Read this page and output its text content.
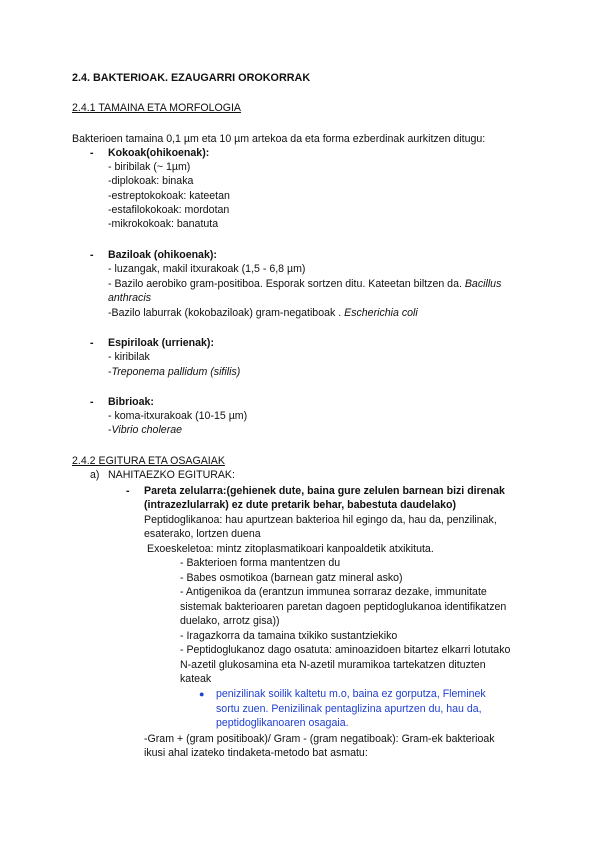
2.4. BAKTERIOAK. EZAUGARRI OROKORRAK
2.4.1 TAMAINA ETA MORFOLOGIA
Bakterioen tamaina 0,1 µm eta 10 µm artekoa da eta forma ezberdinak aurkitzen ditugu:
- Kokoak(ohikoenak):
- biribilak (~ 1µm)
-diplokoak: binaka
-estreptokokoak: kateetan
-estafilokokoak: mordotan
-mikrokokoak: banatuta
- Baziloak (ohikoenak):
- luzangak, makil itxurakoak (1,5 - 6,8 µm)
- Bazilo aerobiko gram-positiboa. Esporak sortzen ditu. Kateetan biltzen da. Bacillus
anthracis
-Bazilo laburrak (kokobaziloak) gram-negatiboak . Escherichia coli
- Espiriloak (urrienak):
- kiribilak
-Treponema pallidum (sifilis)
- Bibrioak:
- koma-itxurakoak (10-15 µm)
-Vibrio cholerae
2.4.2 EGITURA ETA OSAGAIAK
a) NAHITAEZKO EGITURAK:
- Pareta zelularra:(gehienek dute, baina gure zelulen barnean bizi direnak
(intrazezlularrak) ez dute pretarik behar, babestuta daudelako)
Peptidoglikanoa: hau apurtzean bakterioa hil egingo da, hau da, penzilinak,
esaterako, lortzen duena
Exoeskeletoa: mintz zitoplasmatikoari kanpoaldetik atxikituta.
- Bakterioen forma mantentzen du
- Babes osmotikoa (barnean gatz mineral asko)
- Antigenikoa da (erantzun immunea sorraraz dezake, immunitate
sistemak bakterioaren paretan dagoen peptidoglukanoa identifikatzen
duelako, arrotz gisa))
- Iragazkorra da tamaina txikiko sustantziekiko
- Peptidoglukanoz dago osatuta: aminoazidoen bitartez elkarri lotutako
N-azetil glukosamina eta N-azetil muramikoa tartekatzen dituzten
kateak
● penizilinak soilik kaltetu m.o, baina ez gorputza, Fleminek
sortu zuen. Penizilinak pentaglizina apurtzen du, hau da,
peptidoglikanoaren osagaia.
-Gram + (gram positiboak)/ Gram - (gram negatiboak): Gram-ek bakterioak
ikusi ahal izateko tindaketa-metodo bat asmatu:
